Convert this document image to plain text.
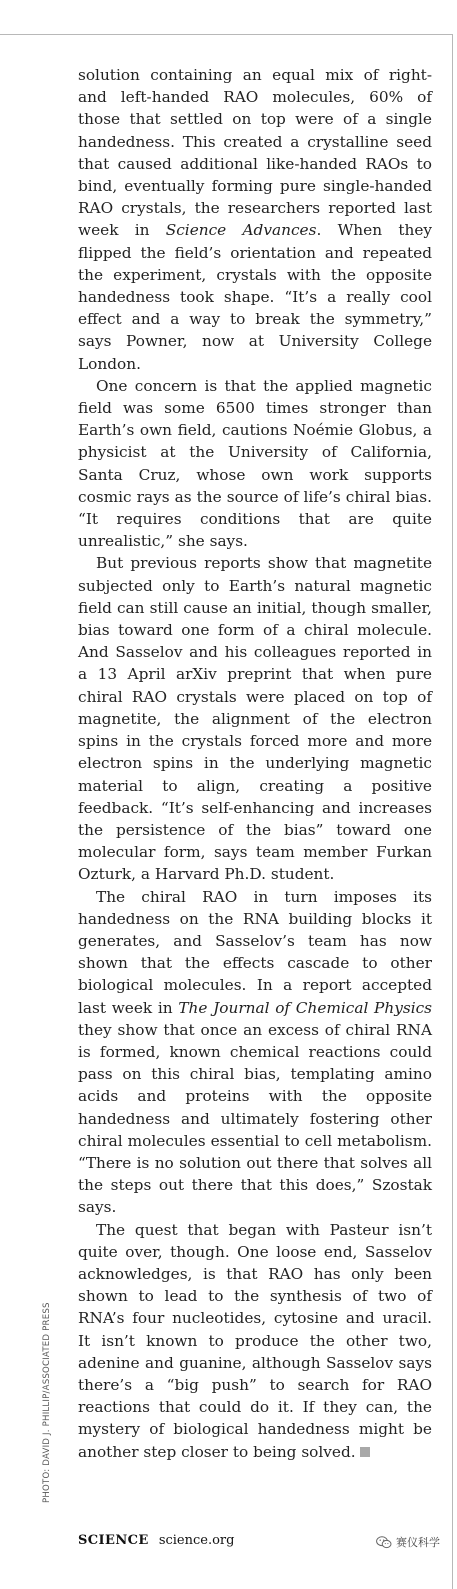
solution containing an equal mix of right- and left-handed RAO molecules, 60% of those that settled on top were of a single handedness. This created a crystalline seed that caused additional like-handed RAOs to bind, eventually forming pure single-handed RAO crystals, the researchers reported last week in Science Advances. When they flipped the field’s orientation and repeated the experiment, crystals with the opposite handedness took shape. “It’s a really cool effect and a way to break the symmetry,” says Powner, now at University College London.

One concern is that the applied magnetic field was some 6500 times stronger than Earth’s own field, cautions Noémie Globus, a physicist at the University of California, Santa Cruz, whose own work supports cosmic rays as the source of life’s chiral bias. “It requires conditions that are quite unrealistic,” she says.

But previous reports show that magnetite subjected only to Earth’s natural magnetic field can still cause an initial, though smaller, bias toward one form of a chiral molecule. And Sasselov and his colleagues reported in a 13 April arXiv preprint that when pure chiral RAO crystals were placed on top of magnetite, the alignment of the electron spins in the crystals forced more and more electron spins in the underlying magnetic material to align, creating a positive feedback. “It’s self-enhancing and increases the persistence of the bias” toward one molecular form, says team member Furkan Ozturk, a Harvard Ph.D. student.

The chiral RAO in turn imposes its handedness on the RNA building blocks it generates, and Sasselov’s team has now shown that the effects cascade to other biological molecules. In a report accepted last week in The Journal of Chemical Physics they show that once an excess of chiral RNA is formed, known chemical reactions could pass on this chiral bias, templating amino acids and proteins with the opposite handedness and ultimately fostering other chiral molecules essential to cell metabolism. “There is no solution out there that solves all the steps out there that this does,” Szostak says.

The quest that began with Pasteur isn’t quite over, though. One loose end, Sasselov acknowledges, is that RAO has only been shown to lead to the synthesis of two of RNA’s four nucleotides, cytosine and uracil. It isn’t known to produce the other two, adenine and guanine, although Sasselov says there’s a “big push” to search for RAO reactions that could do it. If they can, the mystery of biological handedness might be another step closer to being solved.

PHOTO: DAVID J. PHILLIP/ASSOCIATED PRESS
SCIENCE science.org	赛仪科学
